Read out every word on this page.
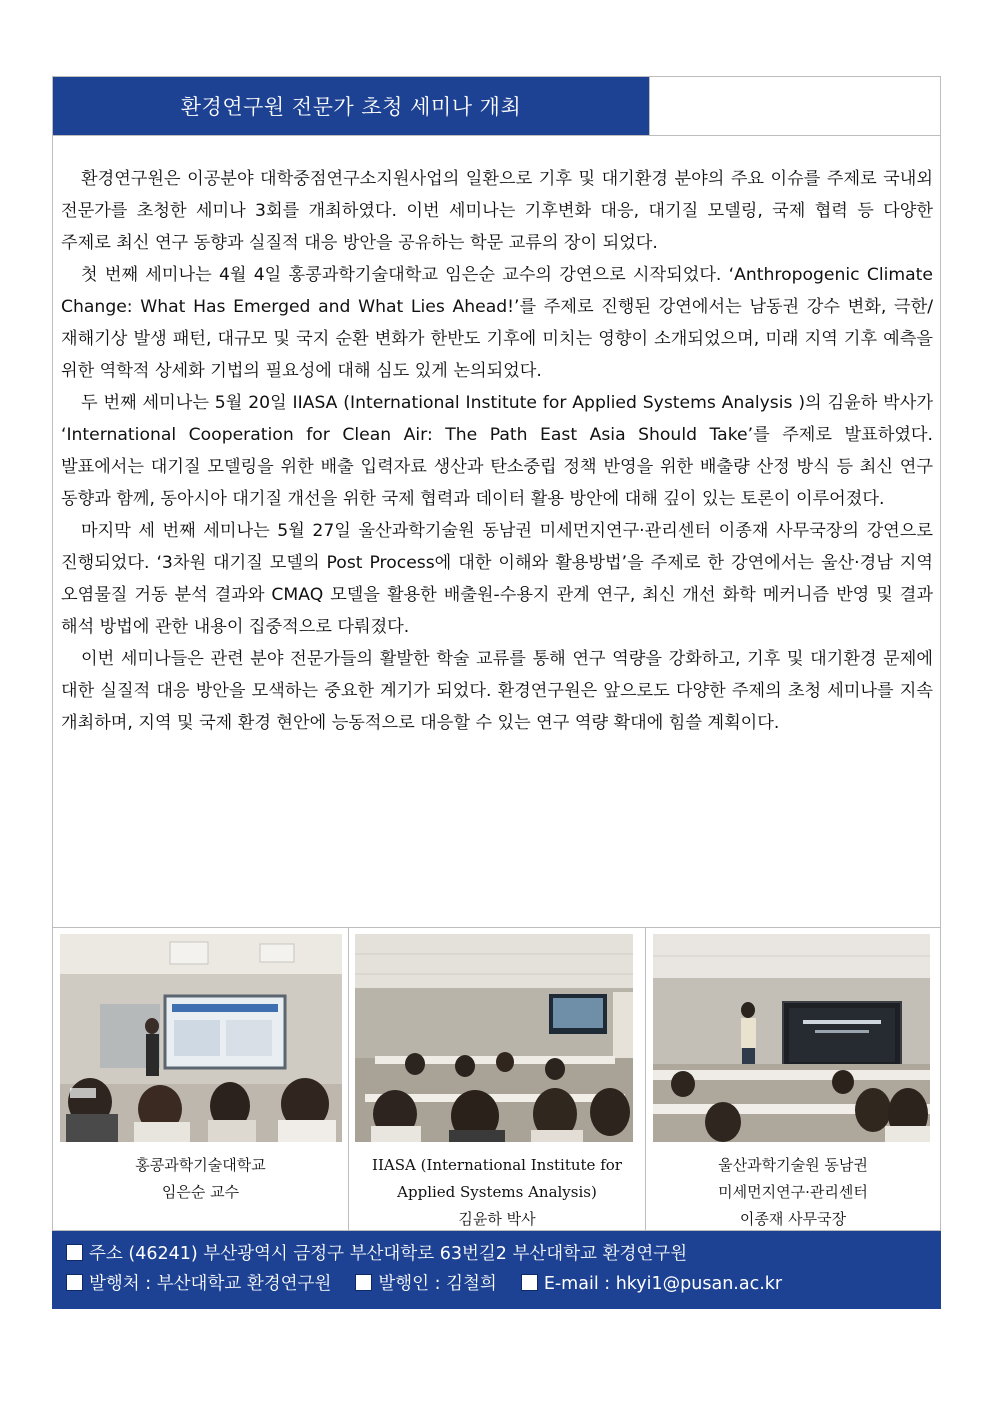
환경연구원 전문가 초청 세미나 개최

환경연구원은 이공분야 대학중점연구소지원사업의 일환으로 기후 및 대기환경 분야의 주요 이슈를 주제로 국내외 전문가를 초청한 세미나 3회를 개최하였다. 이번 세미나는 기후변화 대응, 대기질 모델링, 국제 협력 등 다양한 주제로 최신 연구 동향과 실질적 대응 방안을 공유하는 학문 교류의 장이 되었다.

첫 번째 세미나는 4월 4일 홍콩과학기술대학교 임은순 교수의 강연으로 시작되었다. ‘Anthropogenic Climate Change: What Has Emerged and What Lies Ahead!’를 주제로 진행된 강연에서는 남동권 강수 변화, 극한/재해기상 발생 패턴, 대규모 및 국지 순환 변화가 한반도 기후에 미치는 영향이 소개되었으며, 미래 지역 기후 예측을 위한 역학적 상세화 기법의 필요성에 대해 심도 있게 논의되었다.

두 번째 세미나는 5월 20일 IIASA (International Institute for Applied Systems Analysis )의 김윤하 박사가 ‘International Cooperation for Clean Air: The Path East Asia Should Take’를 주제로 발표하였다. 발표에서는 대기질 모델링을 위한 배출 입력자료 생산과 탄소중립 정책 반영을 위한 배출량 산정 방식 등 최신 연구 동향과 함께, 동아시아 대기질 개선을 위한 국제 협력과 데이터 활용 방안에 대해 깊이 있는 토론이 이루어졌다.

마지막 세 번째 세미나는 5월 27일 울산과학기술원 동남권 미세먼지연구·관리센터 이종재 사무국장의 강연으로 진행되었다. ‘3차원 대기질 모델의 Post Process에 대한 이해와 활용방법’을 주제로 한 강연에서는 울산·경남 지역 오염물질 거동 분석 결과와 CMAQ 모델을 활용한 배출원-수용지 관계 연구, 최신 개선 화학 메커니즘 반영 및 결과 해석 방법에 관한 내용이 집중적으로 다뤄졌다.

이번 세미나들은 관련 분야 전문가들의 활발한 학술 교류를 통해 연구 역량을 강화하고, 기후 및 대기환경 문제에 대한 실질적 대응 방안을 모색하는 중요한 계기가 되었다. 환경연구원은 앞으로도 다양한 주제의 초청 세미나를 지속 개최하며, 지역 및 국제 환경 현안에 능동적으로 대응할 수 있는 연구 역량 확대에 힘쓸 계획이다.

홍콩과학기술대학교
임은순 교수
IIASA (International Institute for
Applied Systems Analysis)
김윤하 박사
울산과학기술원 동남권
미세먼지연구·관리센터
이종재 사무국장
주소 (46241) 부산광역시 금정구 부산대학로 63번길2 부산대학교 환경연구원
발행처 : 부산대학교 환경연구원	발행인 : 김철희	E-mail : hkyi1@pusan.ac.kr
